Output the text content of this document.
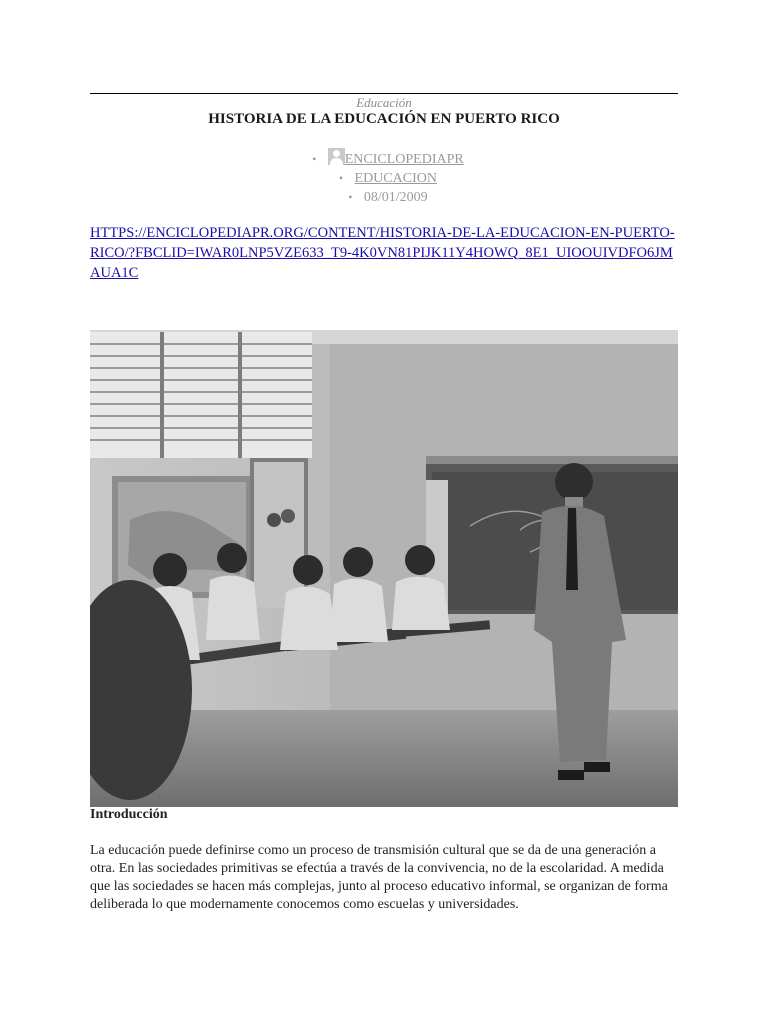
Educación
HISTORIA DE LA EDUCACIÓN EN PUERTO RICO
• ENCICLOPEDIAPR
• EDUCACION
• 08/01/2009
HTTPS://ENCICLOPEDIAPR.ORG/CONTENT/HISTORIA-DE-LA-EDUCACION-EN-PUERTO-RICO/?FBCLID=IWAR0LNP5VZE633_T9-4K0VN81PIJK11Y4HOWQ_8E1_UIOOUIVDFO6JMAUA1C
Introducción

La educación puede definirse como un proceso de transmisión cultural que se da de una generación a otra. En las sociedades primitivas se efectúa a través de la convivencia, no de la escolaridad. A medida que las sociedades se hacen más complejas, junto al proceso educativo informal, se organizan de forma deliberada lo que modernamente conocemos como escuelas y universidades.
